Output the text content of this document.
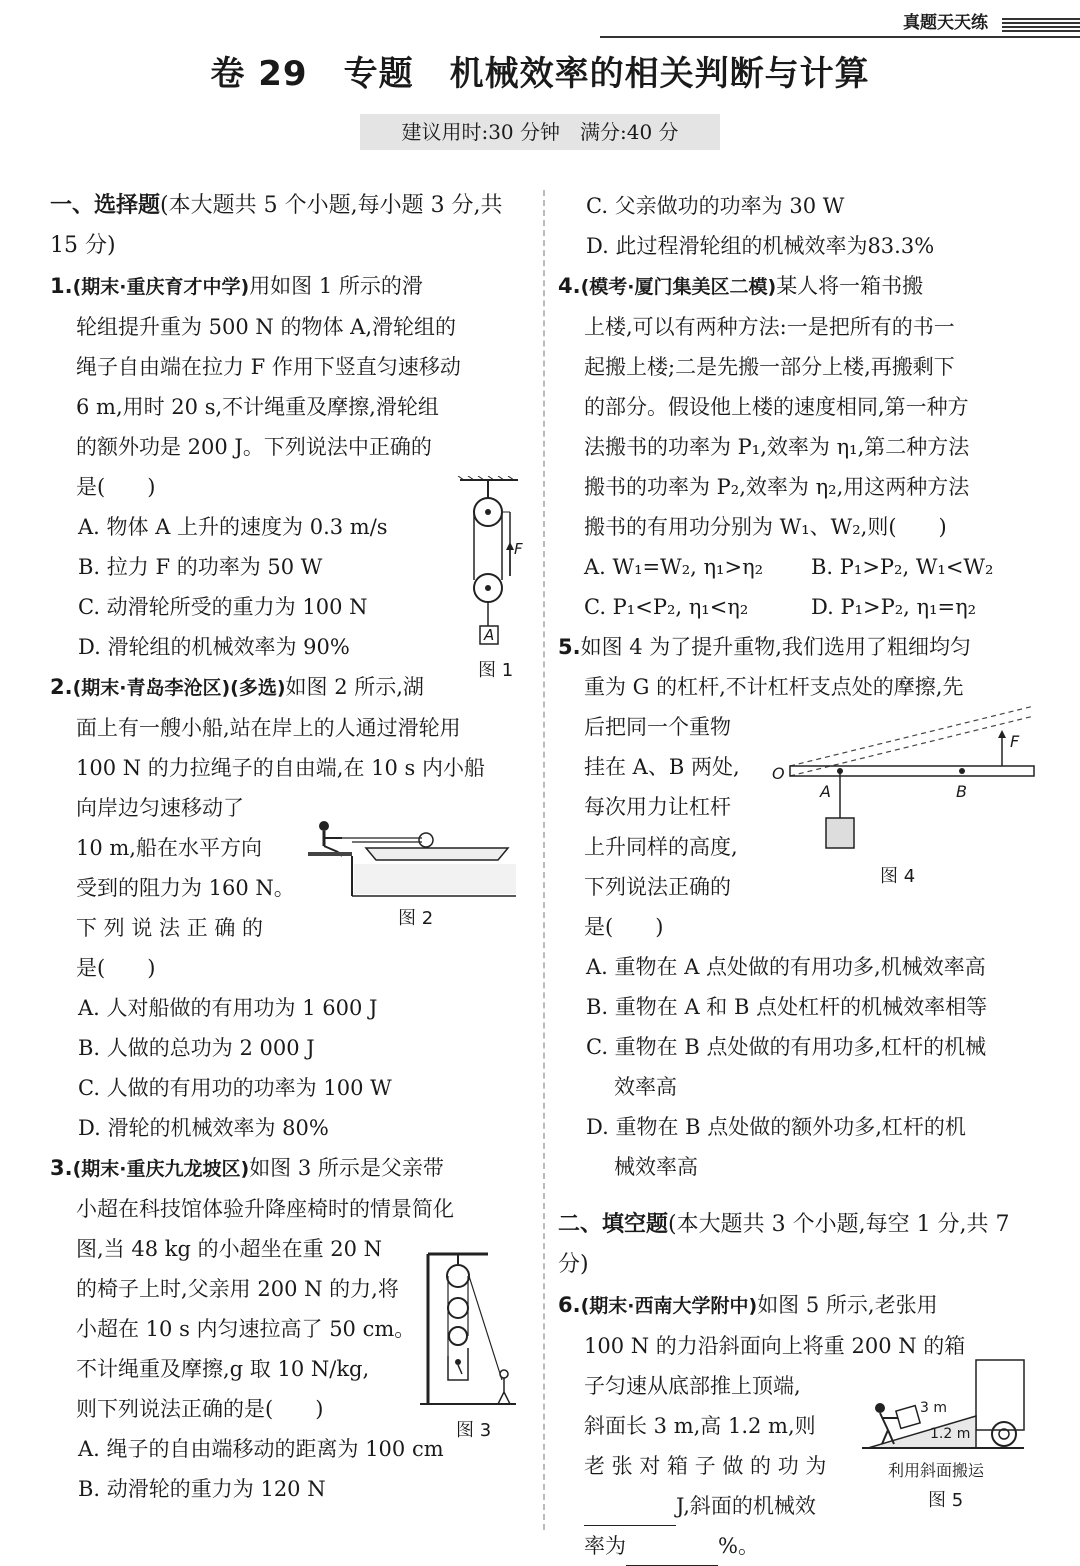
真题天天练
卷 29 专题 机械效率的相关判断与计算
建议用时:30 分钟　满分:40 分
一、选择题(本大题共 5 个小题,每小题 3 分,共 15 分)
1.(期末·重庆育才中学)用如图 1 所示的滑
轮组提升重为 500 N 的物体 A,滑轮组的
绳子自由端在拉力 F 作用下竖直匀速移动
6 m,用时 20 s,不计绳重及摩擦,滑轮组
的额外功是 200 J。下列说法中正确的
是(　　)
A. 物体 A 上升的速度为 0.3 m/s
B. 拉力 F 的功率为 50 W
C. 动滑轮所受的重力为 100 N
D. 滑轮组的机械效率为 90%
2.(期末·青岛李沧区)(多选)如图 2 所示,湖
面上有一艘小船,站在岸上的人通过滑轮用
100 N 的力拉绳子的自由端,在 10 s 内小船
向岸边匀速移动了
10 m,船在水平方向
受到的阻力为 160 N。
下 列 说 法 正 确 的
是(　　)
A. 人对船做的有用功为 1 600 J
B. 人做的总功为 2 000 J
C. 人做的有用功的功率为 100 W
D. 滑轮的机械效率为 80%
3.(期末·重庆九龙坡区)如图 3 所示是父亲带
小超在科技馆体验升降座椅时的情景简化
图,当 48 kg 的小超坐在重 20 N
的椅子上时,父亲用 200 N 的力,将
小超在 10 s 内匀速拉高了 50 cm。
不计绳重及摩擦,g 取 10 N/kg,
则下列说法正确的是(　　)
A. 绳子的自由端移动的距离为 100 cm
B. 动滑轮的重力为 120 N
F
A
图 1
图 2
图 3
C. 父亲做功的功率为 30 W
D. 此过程滑轮组的机械效率为83.3%
4.(模考·厦门集美区二模)某人将一箱书搬
上楼,可以有两种方法:一是把所有的书一
起搬上楼;二是先搬一部分上楼,再搬剩下
的部分。假设他上楼的速度相同,第一种方
法搬书的功率为 P₁,效率为 η₁,第二种方法
搬书的功率为 P₂,效率为 η₂,用这两种方法
搬书的有用功分别为 W₁、W₂,则(　　)
A. W₁=W₂, η₁>η₂	B. P₁>P₂, W₁<W₂
C. P₁<P₂, η₁<η₂	D. P₁>P₂, η₁=η₂
5.如图 4 为了提升重物,我们选用了粗细均匀
重为 G 的杠杆,不计杠杆支点处的摩擦,先
后把同一个重物
挂在 A、B 两处,
每次用力让杠杆
上升同样的高度,
下列说法正确的
是(　　)
A. 重物在 A 点处做的有用功多,机械效率高
B. 重物在 A 和 B 点处杠杆的机械效率相等
C. 重物在 B 点处做的有用功多,杠杆的机械
效率高
D. 重物在 B 点处做的额外功多,杠杆的机
械效率高
二、填空题(本大题共 3 个小题,每空 1 分,共 7 分)
6.(期末·西南大学附中)如图 5 所示,老张用
100 N 的力沿斜面向上将重 200 N 的箱
子匀速从底部推上顶端,
斜面长 3 m,高 1.2 m,则
老 张 对 箱 子 做 的 功 为
J,斜面的机械效
率为	%。
O
A	B
F
图 4
3 m
1.2 m
利用斜面搬运
图 5
